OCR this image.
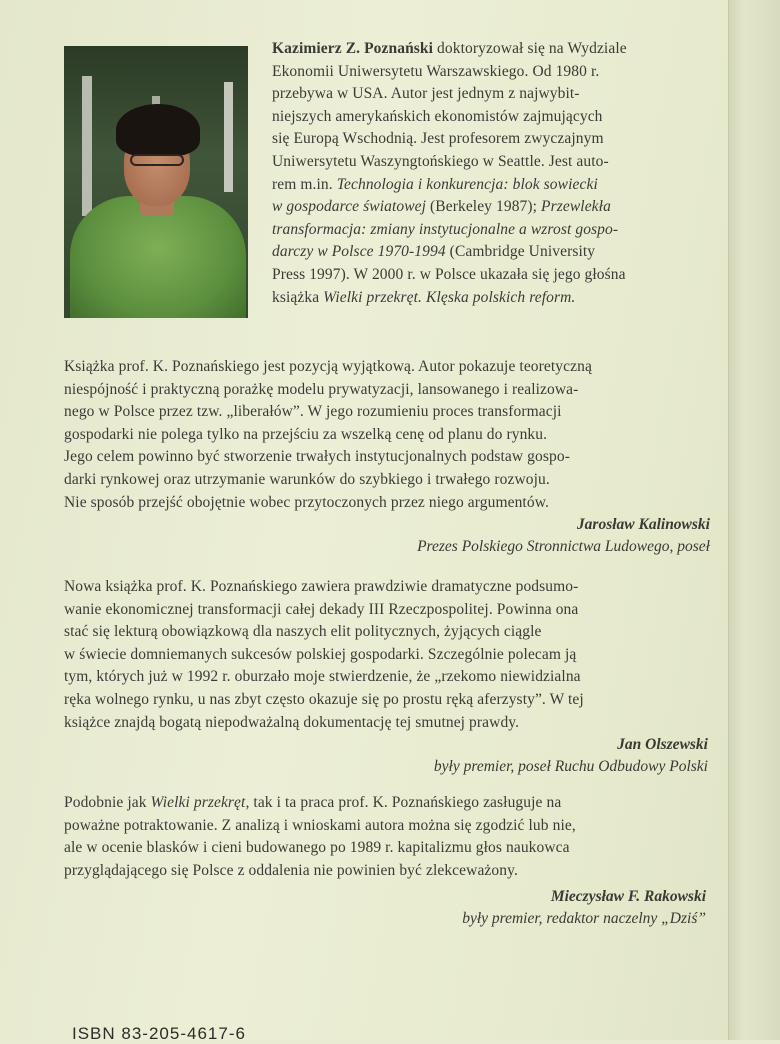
Kazimierz Z. Poznański doktoryzował się na Wydziale
Ekonomii Uniwersytetu Warszawskiego. Od 1980 r.
przebywa w USA. Autor jest jednym z najwybit-
niejszych amerykańskich ekonomistów zajmujących
się Europą Wschodnią. Jest profesorem zwyczajnym
Uniwersytetu Waszyngtońskiego w Seattle. Jest auto-
rem m.in. Technologia i konkurencja: blok sowiecki
w gospodarce światowej (Berkeley 1987); Przewlekła
transformacja: zmiany instytucjonalne a wzrost gospo-
darczy w Polsce 1970-1994 (Cambridge University
Press 1997). W 2000 r. w Polsce ukazała się jego głośna
książka Wielki przekręt. Klęska polskich reform.
Książka prof. K. Poznańskiego jest pozycją wyjątkową. Autor pokazuje teoretyczną
niespójność i praktyczną porażkę modelu prywatyzacji, lansowanego i realizowa-
nego w Polsce przez tzw. „liberałów”. W jego rozumieniu proces transformacji
gospodarki nie polega tylko na przejściu za wszelką cenę od planu do rynku.
Jego celem powinno być stworzenie trwałych instytucjonalnych podstaw gospo-
darki rynkowej oraz utrzymanie warunków do szybkiego i trwałego rozwoju.
Nie sposób przejść obojętnie wobec przytoczonych przez niego argumentów.
Jarosław Kalinowski
Prezes Polskiego Stronnictwa Ludowego, poseł
Nowa książka prof. K. Poznańskiego zawiera prawdziwie dramatyczne podsumo-
wanie ekonomicznej transformacji całej dekady III Rzeczpospolitej. Powinna ona
stać się lekturą obowiązkową dla naszych elit politycznych, żyjących ciągle
w świecie domniemanych sukcesów polskiej gospodarki. Szczególnie polecam ją
tym, których już w 1992 r. oburzało moje stwierdzenie, że „rzekomo niewidzialna
ręka wolnego rynku, u nas zbyt często okazuje się po prostu ręką aferzysty”. W tej
książce znajdą bogatą niepodważalną dokumentację tej smutnej prawdy.
Jan Olszewski
były premier, poseł Ruchu Odbudowy Polski
Podobnie jak Wielki przekręt, tak i ta praca prof. K. Poznańskiego zasługuje na
poważne potraktowanie. Z analizą i wnioskami autora można się zgodzić lub nie,
ale w ocenie blasków i cieni budowanego po 1989 r. kapitalizmu głos naukowca
przyglądającego się Polsce z oddalenia nie powinien być zlekceważony.
Mieczysław F. Rakowski
były premier, redaktor naczelny „Dziś”
ISBN 83-205-4617-6
